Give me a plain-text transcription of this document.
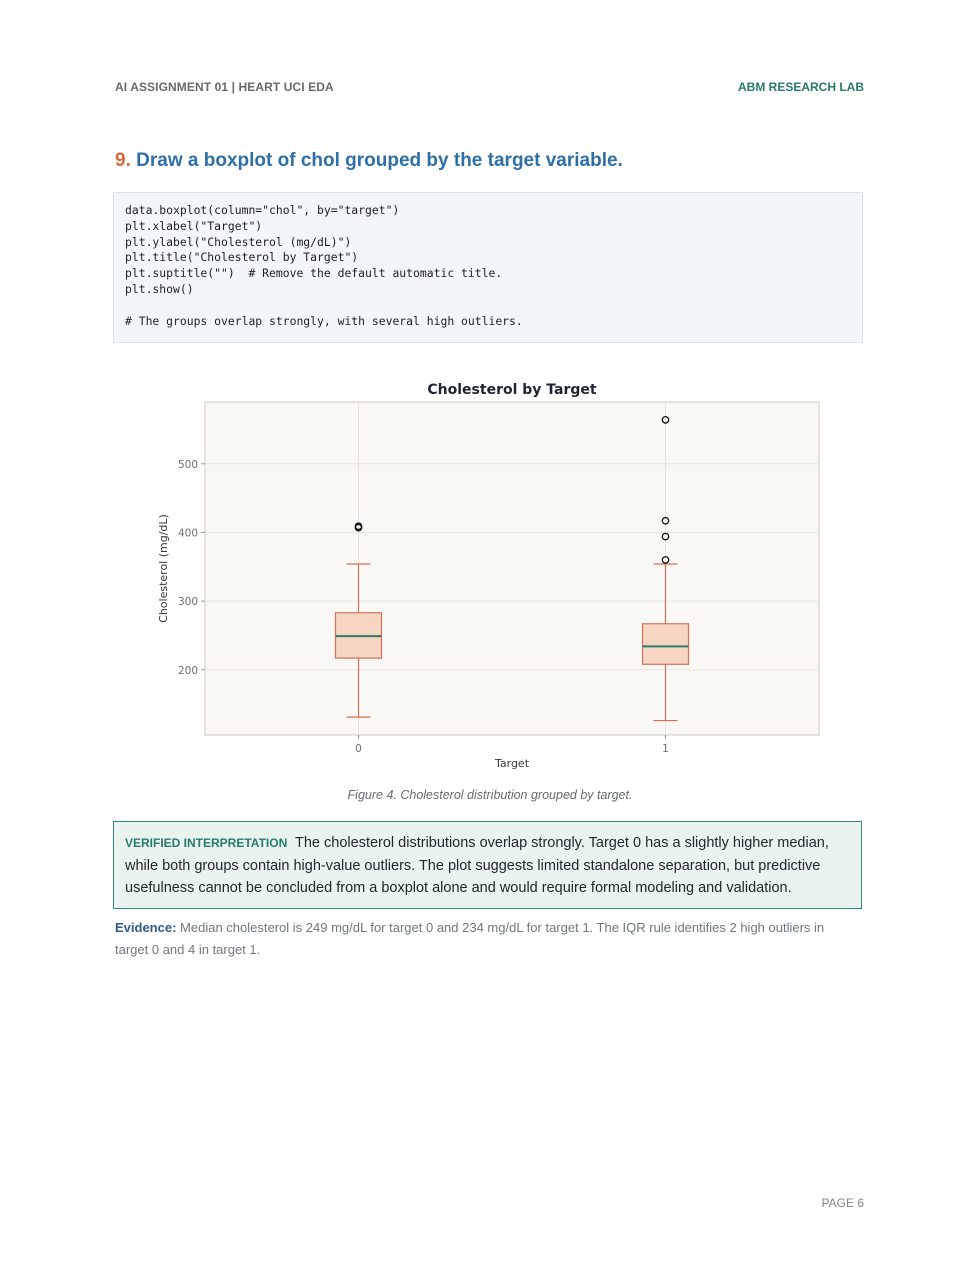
AI ASSIGNMENT 01 | HEART UCI EDA	ABM RESEARCH LAB
9. Draw a boxplot of chol grouped by the target variable.
data.boxplot(column="chol", by="target")
plt.xlabel("Target")
plt.ylabel("Cholesterol (mg/dL)")
plt.title("Cholesterol by Target")
plt.suptitle("")  # Remove the default automatic title.
plt.show()

# The groups overlap strongly, with several high outliers.
Cholesterol by Target
200
300
400
500
0	1
Target
Cholesterol (mg/dL)
Figure 4. Cholesterol distribution grouped by target.
VERIFIED INTERPRETATION The cholesterol distributions overlap strongly. Target 0 has a slightly higher median, while both groups contain high-value outliers. The plot suggests limited standalone separation, but predictive usefulness cannot be concluded from a boxplot alone and would require formal modeling and validation.
Evidence: Median cholesterol is 249 mg/dL for target 0 and 234 mg/dL for target 1. The IQR rule identifies 2 high outliers in target 0 and 4 in target 1.
PAGE 6
